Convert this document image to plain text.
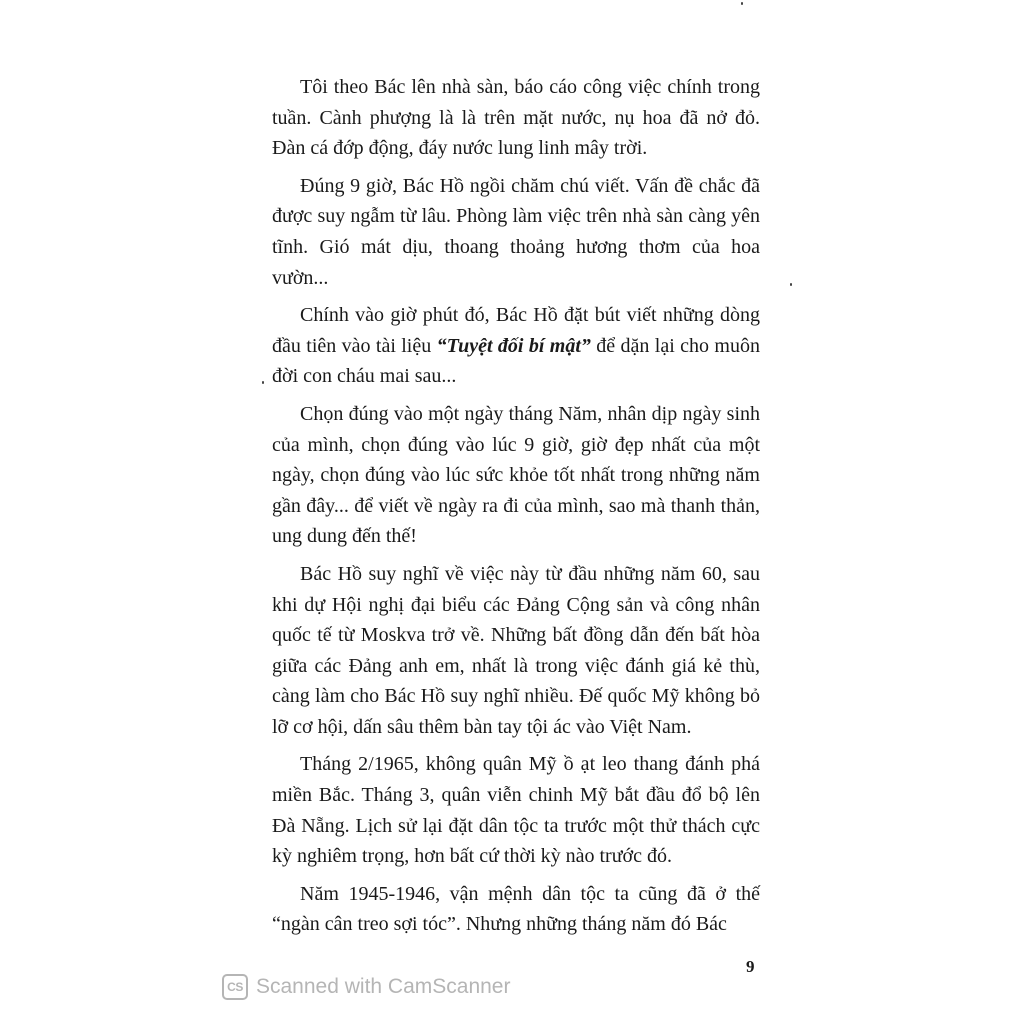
Tôi theo Bác lên nhà sàn, báo cáo công việc chính trong tuần. Cành phượng là là trên mặt nước, nụ hoa đã nở đỏ. Đàn cá đớp động, đáy nước lung linh mây trời.

Đúng 9 giờ, Bác Hồ ngồi chăm chú viết. Vấn đề chắc đã được suy ngẫm từ lâu. Phòng làm việc trên nhà sàn càng yên tĩnh. Gió mát dịu, thoang thoảng hương thơm của hoa vườn...

Chính vào giờ phút đó, Bác Hồ đặt bút viết những dòng đầu tiên vào tài liệu “Tuyệt đối bí mật” để dặn lại cho muôn đời con cháu mai sau...

Chọn đúng vào một ngày tháng Năm, nhân dịp ngày sinh của mình, chọn đúng vào lúc 9 giờ, giờ đẹp nhất của một ngày, chọn đúng vào lúc sức khỏe tốt nhất trong những năm gần đây... để viết về ngày ra đi của mình, sao mà thanh thản, ung dung đến thế!

Bác Hồ suy nghĩ về việc này từ đầu những năm 60, sau khi dự Hội nghị đại biểu các Đảng Cộng sản và công nhân quốc tế từ Moskva trở về. Những bất đồng dẫn đến bất hòa giữa các Đảng anh em, nhất là trong việc đánh giá kẻ thù, càng làm cho Bác Hồ suy nghĩ nhiều. Đế quốc Mỹ không bỏ lỡ cơ hội, dấn sâu thêm bàn tay tội ác vào Việt Nam.

Tháng 2/1965, không quân Mỹ ồ ạt leo thang đánh phá miền Bắc. Tháng 3, quân viễn chinh Mỹ bắt đầu đổ bộ lên Đà Nẵng. Lịch sử lại đặt dân tộc ta trước một thử thách cực kỳ nghiêm trọng, hơn bất cứ thời kỳ nào trước đó.

Năm 1945-1946, vận mệnh dân tộc ta cũng đã ở thế “ngàn cân treo sợi tóc”. Nhưng những tháng năm đó Bác

9
CS Scanned with CamScanner
